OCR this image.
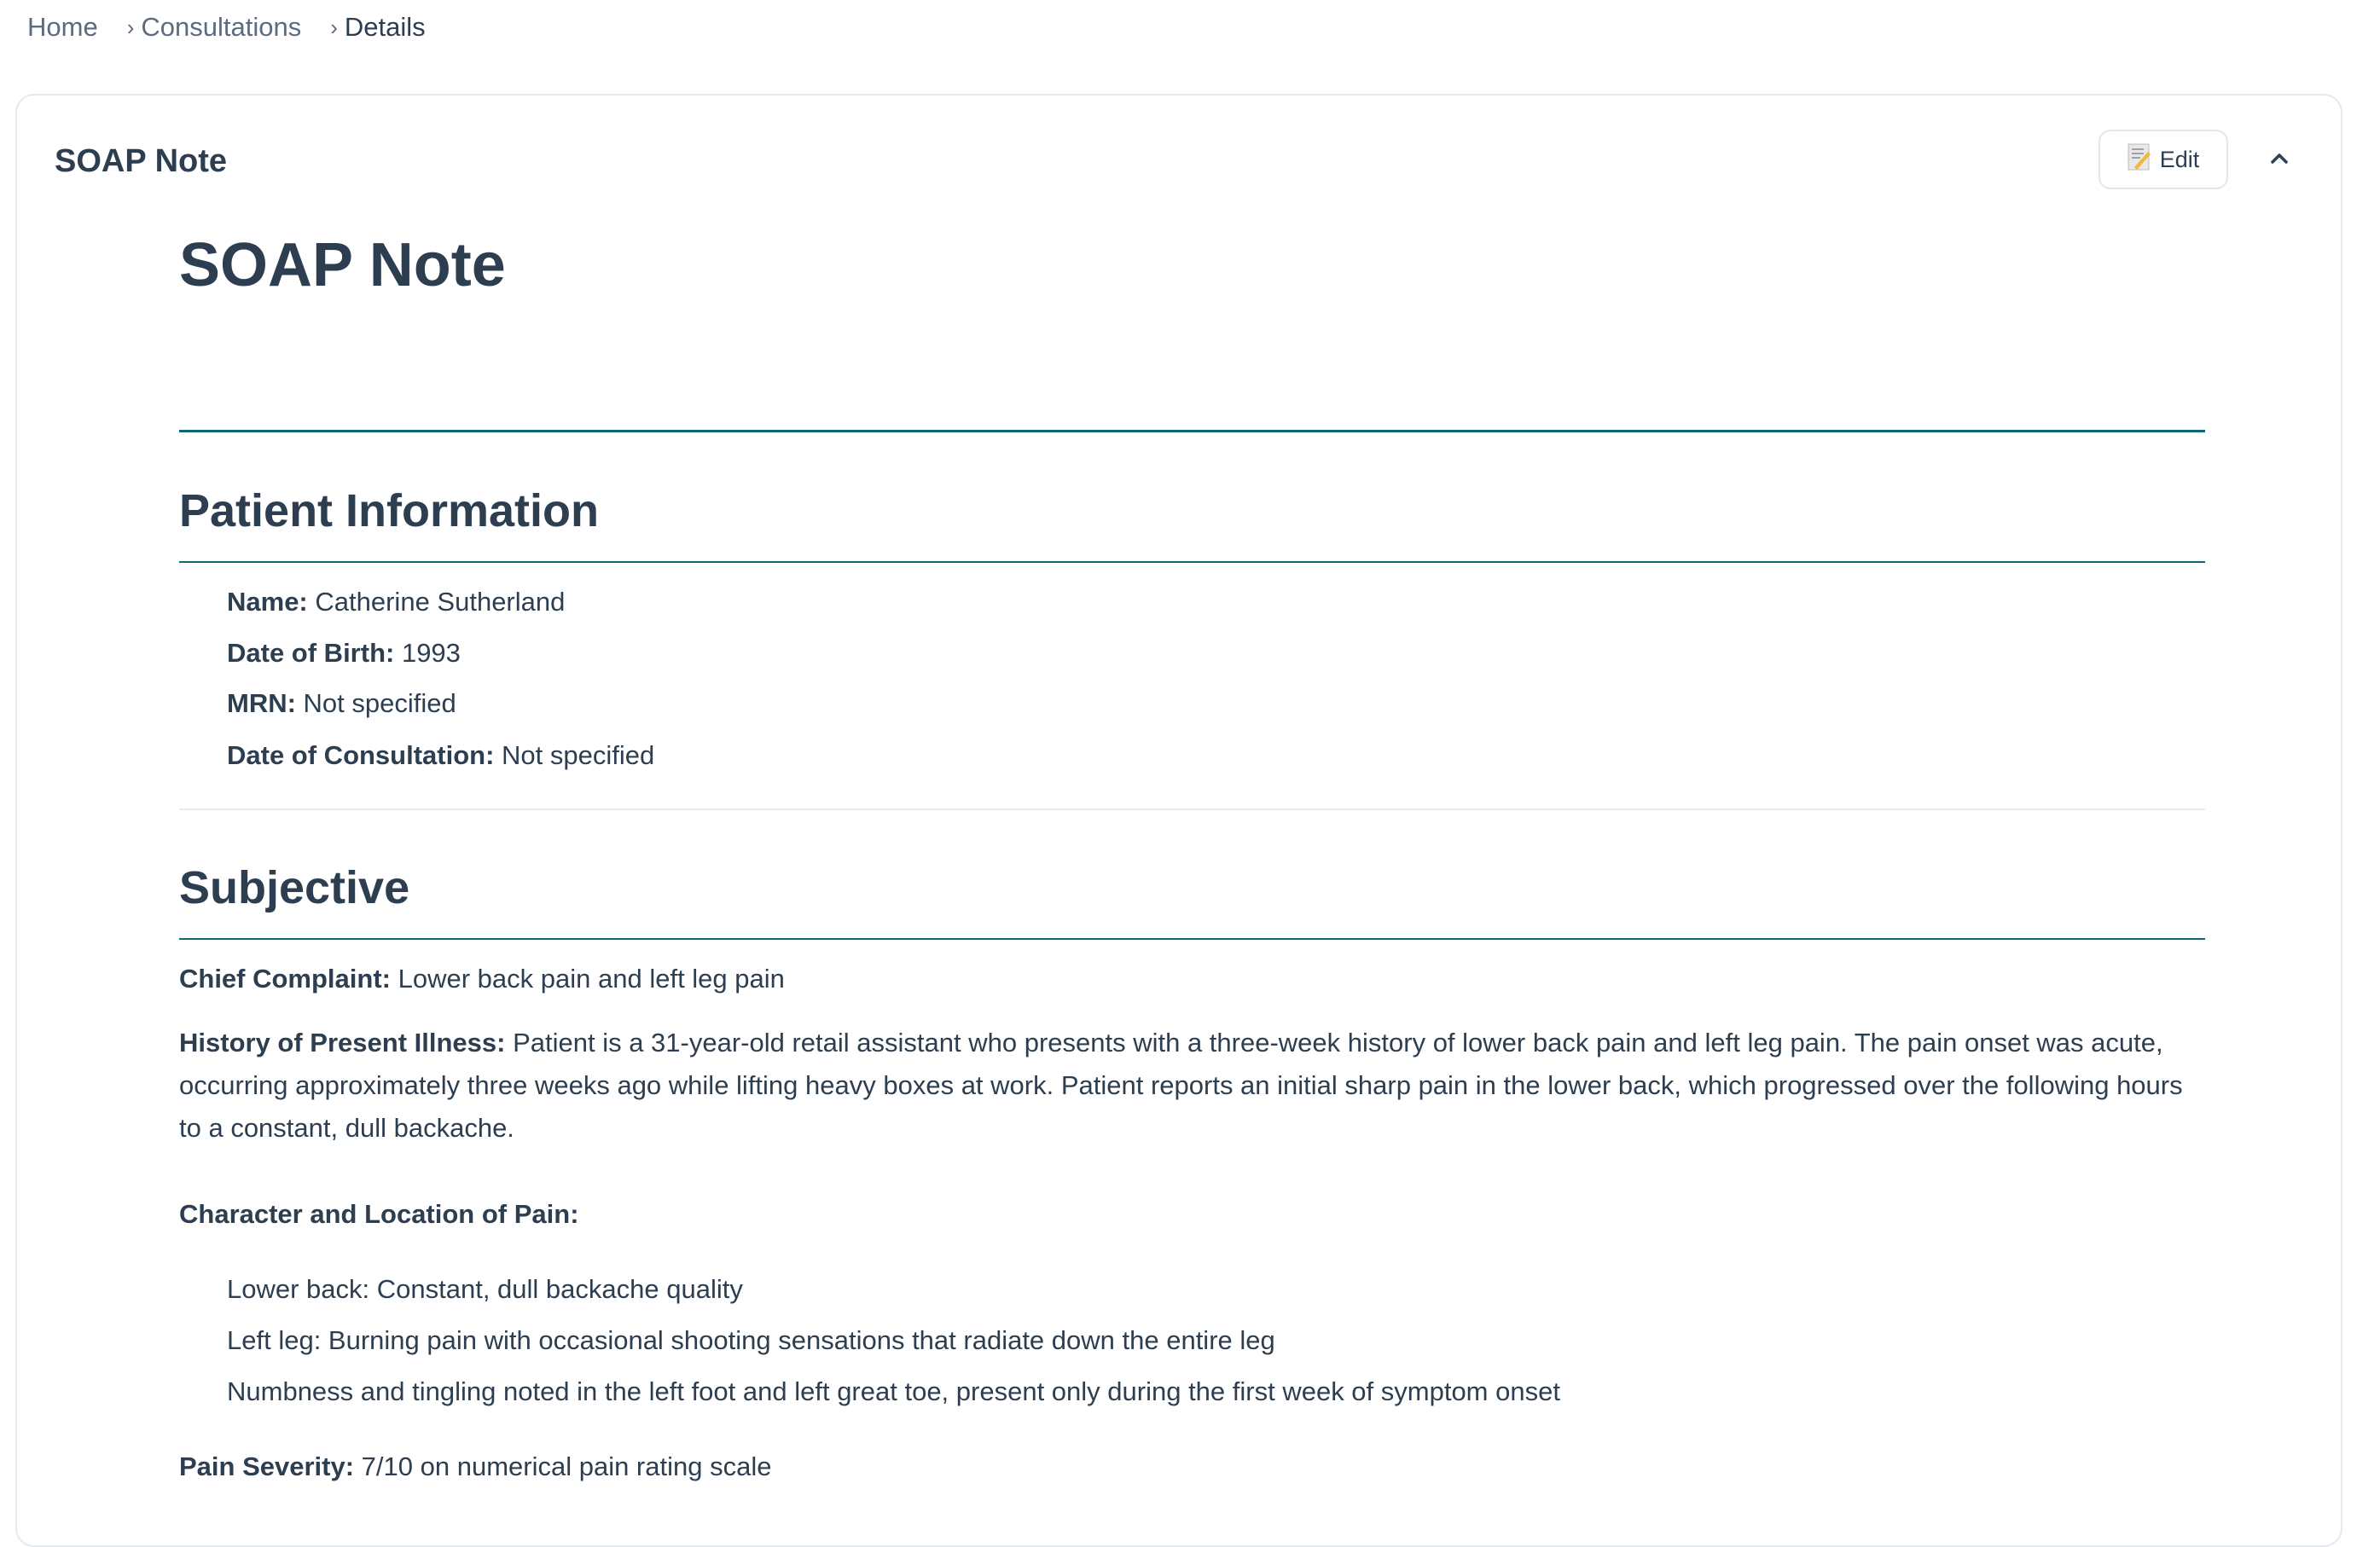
Home › Consultations › Details
SOAP Note	Edit
SOAP Note
Patient Information
Name: Catherine Sutherland
Date of Birth: 1993
MRN: Not specified
Date of Consultation: Not specified
Subjective
Chief Complaint: Lower back pain and left leg pain

History of Present Illness: Patient is a 31-year-old retail assistant who presents with a three-week history of lower back pain and left leg pain. The pain onset was acute, occurring approximately three weeks ago while lifting heavy boxes at work. Patient reports an initial sharp pain in the lower back, which progressed over the following hours to a constant, dull backache.

Character and Location of Pain:
Lower back: Constant, dull backache quality
Left leg: Burning pain with occasional shooting sensations that radiate down the entire leg
Numbness and tingling noted in the left foot and left great toe, present only during the first week of symptom onset
Pain Severity: 7/10 on numerical pain rating scale
